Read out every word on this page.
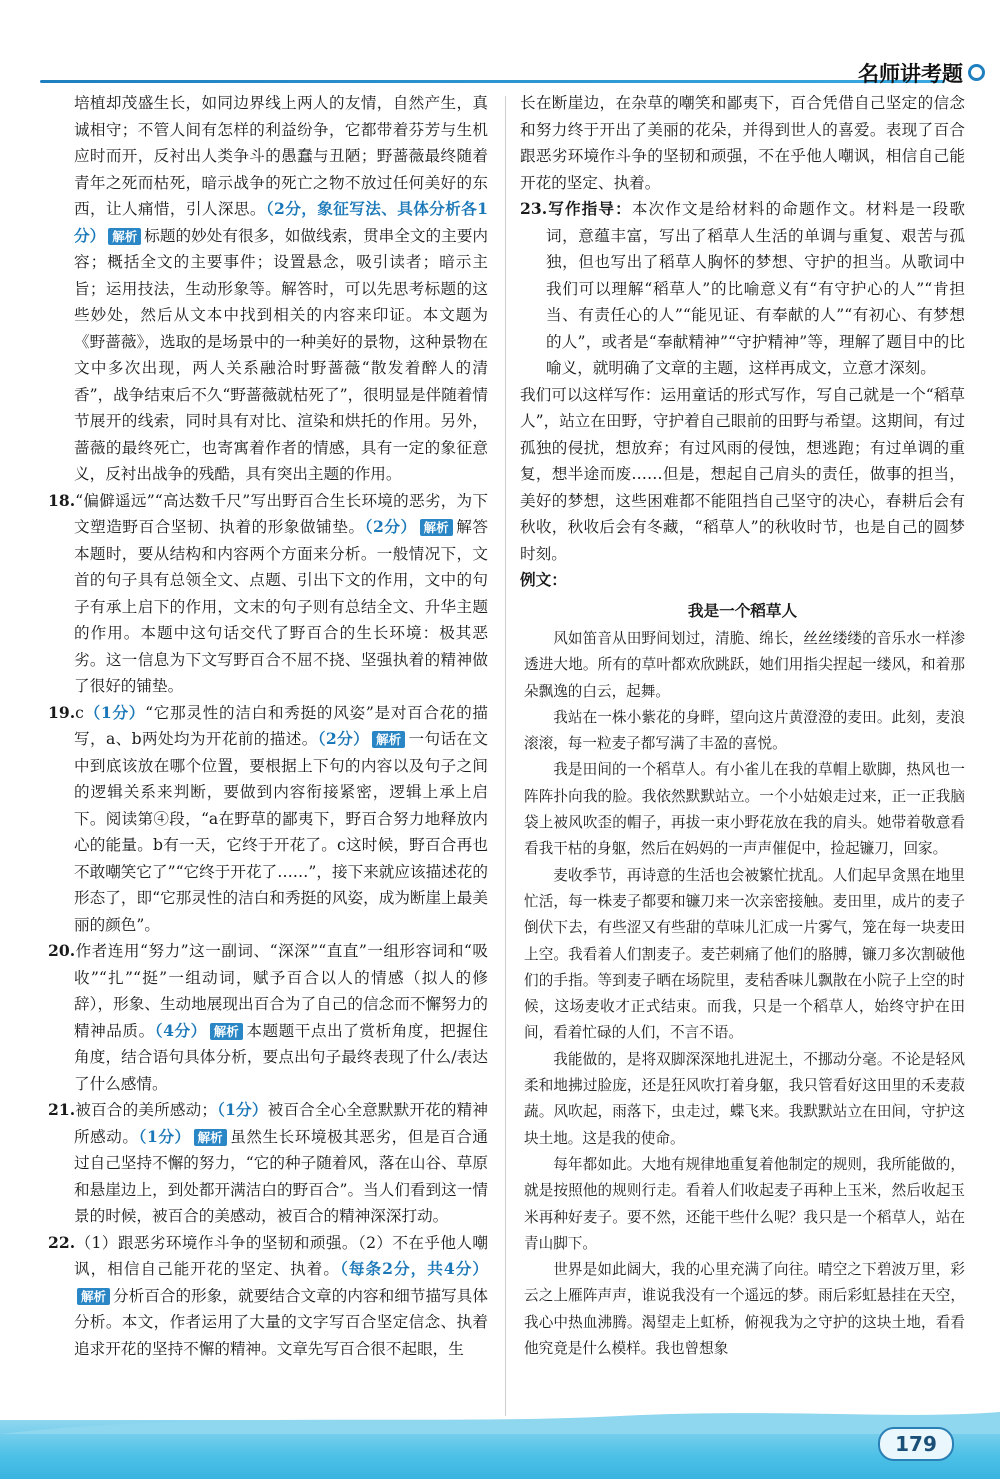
名师讲考题

培植却茂盛生长，如同边界线上两人的友情，自然产生，真诚相守；不管人间有怎样的利益纷争，它都带着芬芳与生机应时而开，反衬出人类争斗的愚蠢与丑陋；野蔷薇最终随着青年之死而枯死，暗示战争的死亡之物不放过任何美好的东西，让人痛惜，引人深思。（2分，象征写法、具体分析各1分） 解析 标题的妙处有很多，如做线索，贯串全文的主要内容；概括全文的主要事件；设置悬念，吸引读者；暗示主旨；运用技法，生动形象等。解答时，可以先思考标题的这些妙处，然后从文本中找到相关的内容来印证。本文题为《野蔷薇》，选取的是场景中的一种美好的景物，这种景物在文中多次出现，两人关系融洽时野蔷薇“散发着醉人的清香”，战争结束后不久“野蔷薇就枯死了”，很明显是伴随着情节展开的线索，同时具有对比、渲染和烘托的作用。另外，蔷薇的最终死亡，也寄寓着作者的情感，具有一定的象征意义，反衬出战争的残酷，具有突出主题的作用。

18.“偏僻遥远”“高达数千尺”写出野百合生长环境的恶劣，为下文塑造野百合坚韧、执着的形象做铺垫。（2分） 解析 解答本题时，要从结构和内容两个方面来分析。一般情况下，文首的句子具有总领全文、点题、引出下文的作用，文中的句子有承上启下的作用，文末的句子则有总结全文、升华主题的作用。本题中这句话交代了野百合的生长环境：极其恶劣。这一信息为下文写野百合不屈不挠、坚强执着的精神做了很好的铺垫。

19.c（1分）“它那灵性的洁白和秀挺的风姿”是对百合花的描写，a、b两处均为开花前的描述。（2分） 解析 一句话在文中到底该放在哪个位置，要根据上下句的内容以及句子之间的逻辑关系来判断，要做到内容衔接紧密，逻辑上承上启下。阅读第④段，“a在野草的鄙夷下，野百合努力地释放内心的能量。b有一天，它终于开花了。c这时候，野百合再也不敢嘲笑它了”“它终于开花了……”，接下来就应该描述花的形态了，即“它那灵性的洁白和秀挺的风姿，成为断崖上最美丽的颜色”。

20.作者连用“努力”这一副词、“深深”“直直”一组形容词和“吸收”“扎”“挺”一组动词，赋予百合以人的情感（拟人的修辞），形象、生动地展现出百合为了自己的信念而不懈努力的精神品质。（4分） 解析 本题题干点出了赏析角度，把握住角度，结合语句具体分析，要点出句子最终表现了什么/表达了什么感情。

21.被百合的美所感动；（1分）被百合全心全意默默开花的精神所感动。（1分） 解析 虽然生长环境极其恶劣，但是百合通过自己坚持不懈的努力，“它的种子随着风，落在山谷、草原和悬崖边上，到处都开满洁白的野百合”。当人们看到这一情景的时候，被百合的美感动，被百合的精神深深打动。

22.（1）跟恶劣环境作斗争的坚韧和顽强。（2）不在乎他人嘲讽，相信自己能开花的坚定、执着。（每条2分，共4分）解析 分析百合的形象，就要结合文章的内容和细节描写具体分析。本文，作者运用了大量的文字写百合坚定信念、执着追求开花的坚持不懈的精神。文章先写百合很不起眼，生

长在断崖边，在杂草的嘲笑和鄙夷下，百合凭借自己坚定的信念和努力终于开出了美丽的花朵，并得到世人的喜爱。表现了百合跟恶劣环境作斗争的坚韧和顽强，不在乎他人嘲讽，相信自己能开花的坚定、执着。

23.写作指导：本次作文是给材料的命题作文。材料是一段歌词，意蕴丰富，写出了稻草人生活的单调与重复、艰苦与孤独，但也写出了稻草人胸怀的梦想、守护的担当。从歌词中我们可以理解“稻草人”的比喻意义有“有守护心的人”“肯担当、有责任心的人”“能见证、有奉献的人”“有初心、有梦想的人”，或者是“奉献精神”“守护精神”等，理解了题目中的比喻义，就明确了文章的主题，这样再成文，立意才深刻。

我们可以这样写作：运用童话的形式写作，写自己就是一个“稻草人”，站立在田野，守护着自己眼前的田野与希望。这期间，有过孤独的侵扰，想放弃；有过风雨的侵蚀，想逃跑；有过单调的重复，想半途而废……但是，想起自己肩头的责任，做事的担当，美好的梦想，这些困难都不能阻挡自己坚守的决心，春耕后会有秋收，秋收后会有冬藏，“稻草人”的秋收时节，也是自己的圆梦时刻。

例文：

我是一个稻草人

风如笛音从田野间划过，清脆、绵长，丝丝缕缕的音乐水一样渗透进大地。所有的草叶都欢欣跳跃，她们用指尖捏起一缕风，和着那朵飘逸的白云，起舞。

我站在一株小紫花的身畔，望向这片黄澄澄的麦田。此刻，麦浪滚滚，每一粒麦子都写满了丰盈的喜悦。

我是田间的一个稻草人。有小雀儿在我的草帽上歇脚，热风也一阵阵扑向我的脸。我依然默默站立。一个小姑娘走过来，正一正我脑袋上被风吹歪的帽子，再拔一束小野花放在我的肩头。她带着敬意看看我干枯的身躯，然后在妈妈的一声声催促中，捡起镰刀，回家。

麦收季节，再诗意的生活也会被繁忙扰乱。人们起早贪黑在地里忙活，每一株麦子都要和镰刀来一次亲密接触。麦田里，成片的麦子倒伏下去，有些涩又有些甜的草味儿汇成一片雾气，笼在每一块麦田上空。我看着人们割麦子。麦芒刺痛了他们的胳膊，镰刀多次割破他们的手指。等到麦子晒在场院里，麦秸香味儿飘散在小院子上空的时候，这场麦收才正式结束。而我，只是一个稻草人，始终守护在田间，看着忙碌的人们，不言不语。

我能做的，是将双脚深深地扎进泥土，不挪动分毫。不论是轻风柔和地拂过脸庞，还是狂风吹打着身躯，我只管看好这田里的禾麦菽蔬。风吹起，雨落下，虫走过，蝶飞来。我默默站立在田间，守护这块土地。这是我的使命。

每年都如此。大地有规律地重复着他制定的规则，我所能做的，就是按照他的规则行走。看着人们收起麦子再种上玉米，然后收起玉米再种好麦子。要不然，还能干些什么呢？我只是一个稻草人，站在青山脚下。

世界是如此阔大，我的心里充满了向往。晴空之下碧波万里，彩云之上雁阵声声，谁说我没有一个遥远的梦。雨后彩虹悬挂在天空，我心中热血沸腾。渴望走上虹桥，俯视我为之守护的这块土地，看看他究竟是什么模样。我也曾想象

179
